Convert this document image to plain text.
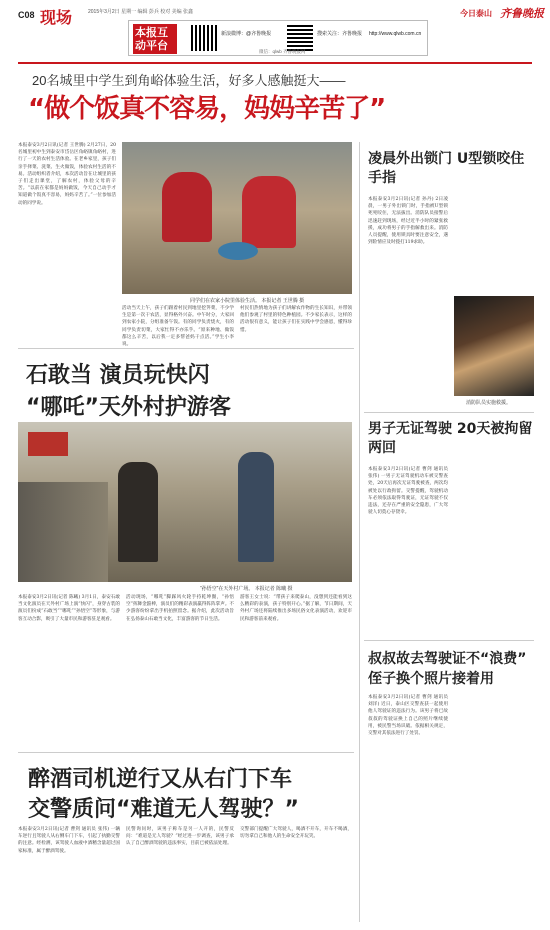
C08 现场	2015年3月2日 星期一 编辑 彭兵 校对 美编 张鑫	今日泰山 齐鲁晚报
本报互动平台
新浪微博：@齐鲁晚报	搜索关注：齐鲁晚报	http://www.qlwb.com.cn
微信：qlwb 齐鲁晚报网
20名城里中学生到角峪体验生活，好多人感触挺大——
“做个饭真不容易，妈妈辛苦了”
本报泰安3月2日讯(记者 王世腾) 2月27日，20名城里初中生到泰安市岱岳区角峪镇角峪村，进行了一天的农村生活体验。在老乡家里，孩子们亲手择菜、洗菜、生火做饭，体验农村生活的不易。活动组织者介绍，本次活动旨在让城里的孩子们走出课堂，了解农村，体验父母的辛苦。“以前在家都是妈妈做饭，今天自己动手才知道做个饭真不容易，妈妈辛苦了。”一位参加活动的同学说。
同学们在农家小院里体验生活。 本报记者 王世腾 摄
活动当天上午，孩子们跟着村民到地里挖荠菜，不少学生是第一次干农活，显得格外兴奋。中午时分，大家回到农家小院，分组准备午饭。有的同学负责烧火，有的同学负责切菜，大家忙得不亦乐乎。“原来种地、做饭都这么辛苦，以后我一定多帮爸妈干点活。”学生小李说。
村民们热情地为孩子们讲解农作物的生长知识，并带领他们参观了村里的特色种植园。不少家长表示，这样的活动很有意义，能让孩子们在实践中学会感恩，懂得珍惜。
凌晨外出锁门 U型锁咬住手指
本报泰安3月2日讯(记者 孙丹) 2日凌晨，一男子外出锁门时，手指被U型锁死死咬住，无法拔出。消防队员接警后迅速赶到现场，经过近半小时的紧张救援，成功将男子的手指解救出来。消防人员提醒，使用锁具时要注意安全，遇到险情应及时拨打119求助。
消防队员实施救援。
石敢当 演员玩快闪
“哪吒”天外村护游客
“孙悟空”在天外村广场。 本报记者 陈曦 摄
本报泰安3月2日讯(记者 陈曦) 3月1日，泰安石敢当文化演员在天外村广场上演“快闪”，身穿古装的演员们扮成“石敢当”“哪吒”“孙悟空”等形象，与游客互动合影，吸引了大量市民和游客驻足观看。
活动现场，“哪吒”脚踩风火轮手持乾坤圈，“孙悟空”挥舞金箍棒，演员们的精彩表演赢得阵阵掌声。不少游客纷纷拿出手机拍照留念。据介绍，此次活动旨在弘扬泰山石敢当文化，丰富游客的节日生活。
游客王女士说：“带孩子来爬泰山，没想到还能看到这么精彩的表演，孩子特别开心。”据了解，节日期间，天外村广场还将陆续推出多场民俗文化表演活动，欢迎市民和游客前来观看。
男子无证驾驶 20天被拘留两回
本报泰安3月2日讯(记者 曹剑 通讯员 张伟) 一男子无证驾驶机动车被交警查处，20天后再次无证驾驶被查，两次均被处以行政拘留。交警提醒，驾驶机动车必须依法取得驾驶证，无证驾驶不仅违法，还存在严重的安全隐患，广大驾驶人切莫心存侥幸。
叔叔故去驾驶证不“浪费”
侄子换个照片接着用
本报泰安3月2日讯(记者 曹剑 通讯员 刘洋) 近日，泰山区交警查获一起使用他人驾驶证的违法行为。该男子将已故叔叔的驾驶证换上自己的照片继续使用，被民警当场识破。依据相关规定，交警对其依法进行了处罚。
醉酒司机逆行又从右门下车
交警质问“难道无人驾驶？”
本报泰安3月2日讯(记者 曹剑 通讯员 张伟) 一辆车逆行且驾驶人从右侧车门下车，引起了执勤交警的注意。经检测，该驾驶人血液中酒精含量超过国家标准，属于醉酒驾驶。
民警询问时，该男子称车是另一人开的，民警反问：“难道是无人驾驶？”经过进一步调查，该男子承认了自己醉酒驾驶的违法事实，目前已被依法处理。
交警部门提醒广大驾驶人，喝酒不开车，开车不喝酒，切勿拿自己和他人的生命安全开玩笑。
